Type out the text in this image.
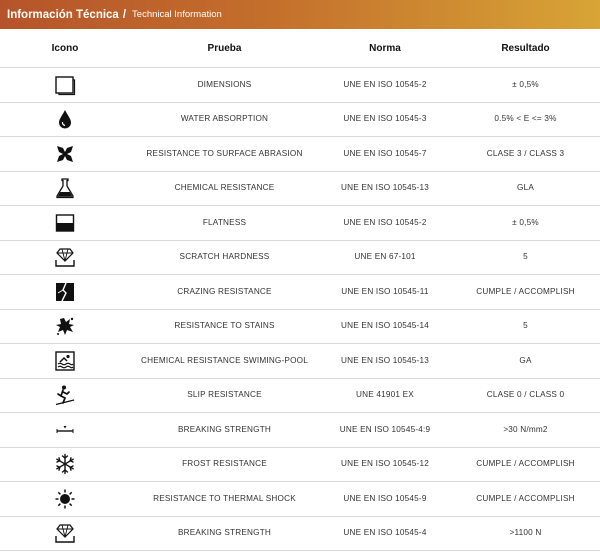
Información Técnica / Technical Information
Icono	Prueba	Norma	Resultado
DIMENSIONS	UNE EN ISO 10545-2	± 0,5%
WATER ABSORPTION	UNE EN ISO 10545-3	0.5% < E <= 3%
RESISTANCE TO SURFACE ABRASION	UNE EN ISO 10545-7	CLASE 3 / CLASS 3
CHEMICAL RESISTANCE	UNE EN ISO 10545-13	GLA
FLATNESS	UNE EN ISO 10545-2	± 0,5%
SCRATCH HARDNESS	UNE EN 67-101	5
CRAZING RESISTANCE	UNE EN ISO 10545-11	CUMPLE / ACCOMPLISH
RESISTANCE TO STAINS	UNE EN ISO 10545-14	5
CHEMICAL RESISTANCE SWIMING-POOL	UNE EN ISO 10545-13	GA
SLIP RESISTANCE	UNE 41901 EX	CLASE 0 / CLASS 0
BREAKING STRENGTH	UNE EN ISO 10545-4:9	>30 N/mm2
FROST RESISTANCE	UNE EN ISO 10545-12	CUMPLE / ACCOMPLISH
RESISTANCE TO THERMAL SHOCK	UNE EN ISO 10545-9	CUMPLE / ACCOMPLISH
BREAKING STRENGTH	UNE EN ISO 10545-4	>1100 N
